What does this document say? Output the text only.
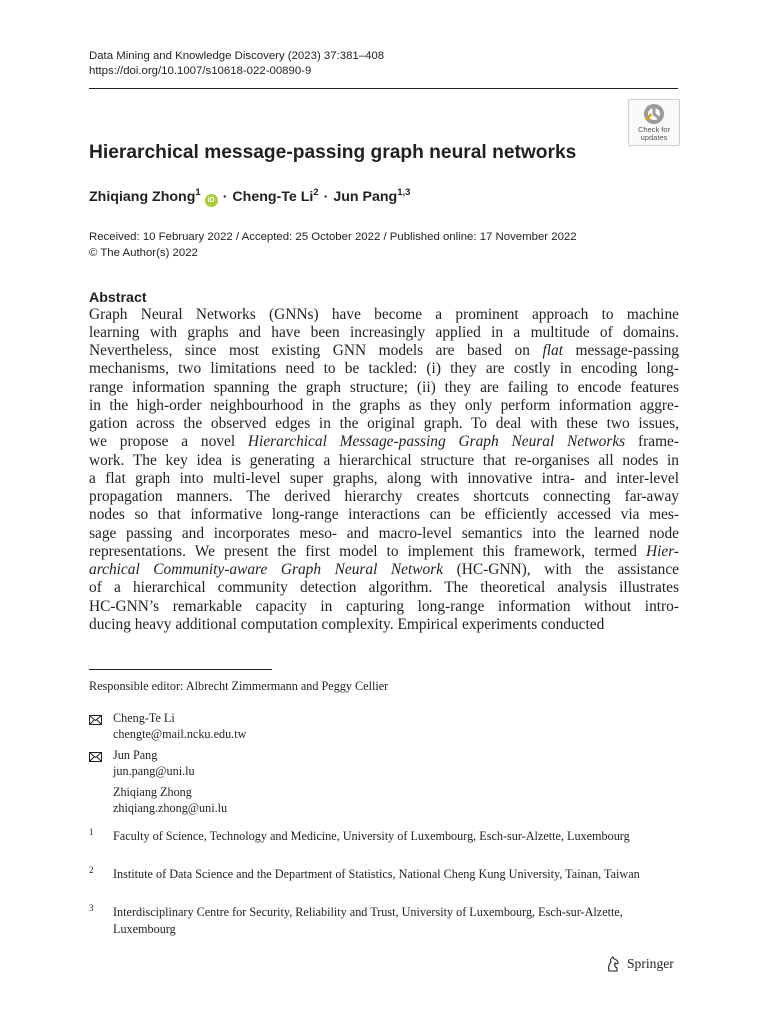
Data Mining and Knowledge Discovery (2023) 37:381–408
https://doi.org/10.1007/s10618-022-00890-9
Check for updates
Hierarchical message-passing graph neural networks
Zhiqiang Zhong$^1$iD · Cheng-Te $Li^2$ · Jun Pang$^{1,3}$
Received: 10 February 2022 / Accepted: 25 October 2022 / Published online: 17 November 2022
© The Author(s) 2022
Abstract
Graph Neural Networks (GNNs) have become a prominent approach to machine
learning with graphs and have been increasingly applied in a multitude of domains.
Nevertheless, since most existing GNN models are based on flat message-passing
mechanisms, two limitations need to be tackled: (i) they are costly in encoding long-
range information spanning the graph structure; (ii) they are failing to encode features
in the high-order neighbourhood in the graphs as they only perform information aggre-
gation across the observed edges in the original graph. To deal with these two issues,
we propose a novel Hierarchical Message-passing Graph Neural Networks frame-
work. The key idea is generating a hierarchical structure that re-organises all nodes in
a flat graph into multi-level super graphs, along with innovative intra- and inter-level
propagation manners. The derived hierarchy creates shortcuts connecting far-away
nodes so that informative long-range interactions can be efficiently accessed via mes-
sage passing and incorporates meso- and macro-level semantics into the learned node
representations. We present the first model to implement this framework, termed Hier-
archical Community-aware Graph Neural Network (HC-GNN), with the assistance
of a hierarchical community detection algorithm. The theoretical analysis illustrates
HC-GNN’s remarkable capacity in capturing long-range information without intro-
ducing heavy additional computation complexity. Empirical experiments conducted
Responsible editor: Albrecht Zimmermann and Peggy Cellier
Cheng-Te Li
chengte@mail.ncku.edu.tw
Jun Pang
jun.pang@uni.lu
Zhiqiang Zhong
zhiqiang.zhong@uni.lu
1 Faculty of Science, Technology and Medicine, University of Luxembourg, Esch-sur-Alzette, Luxembourg
2 Institute of Data Science and the Department of Statistics, National Cheng Kung University, Tainan, Taiwan
3 Interdisciplinary Centre for Security, Reliability and Trust, University of Luxembourg, Esch-sur-Alzette, Luxembourg
Springer
